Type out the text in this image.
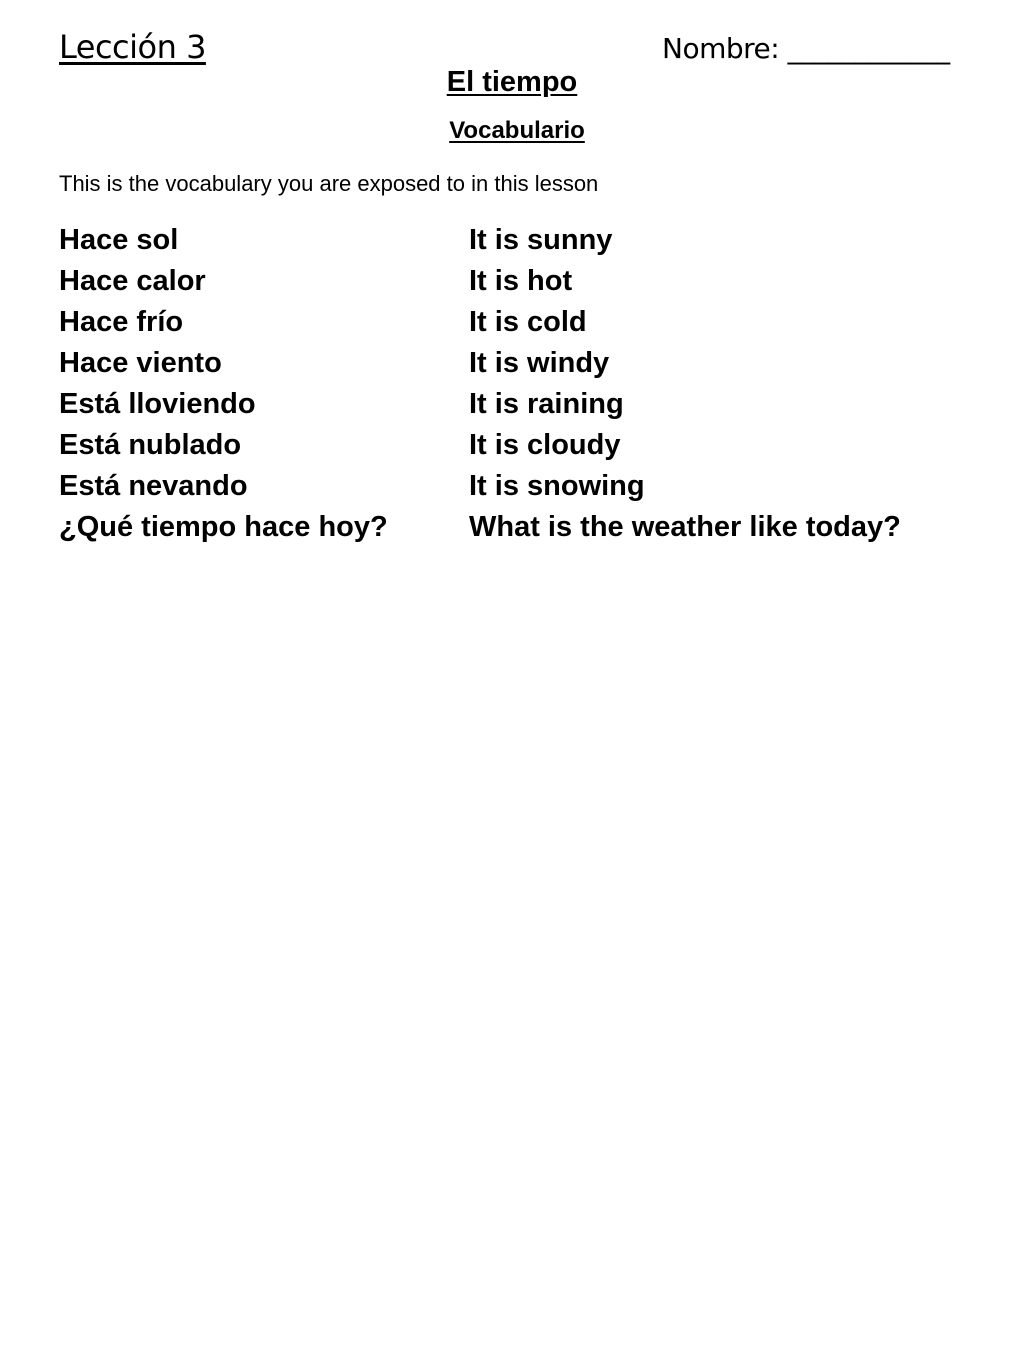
Lección 3	Nombre: ____________
El tiempo
Vocabulario
This is the vocabulary you are exposed to in this lesson
Hace sol	It is sunny
Hace calor	It is hot
Hace frío	It is cold
Hace viento	It is windy
Está lloviendo	It is raining
Está nublado	It is cloudy
Está nevando	It is snowing
¿Qué tiempo hace hoy?	What is the weather like today?
